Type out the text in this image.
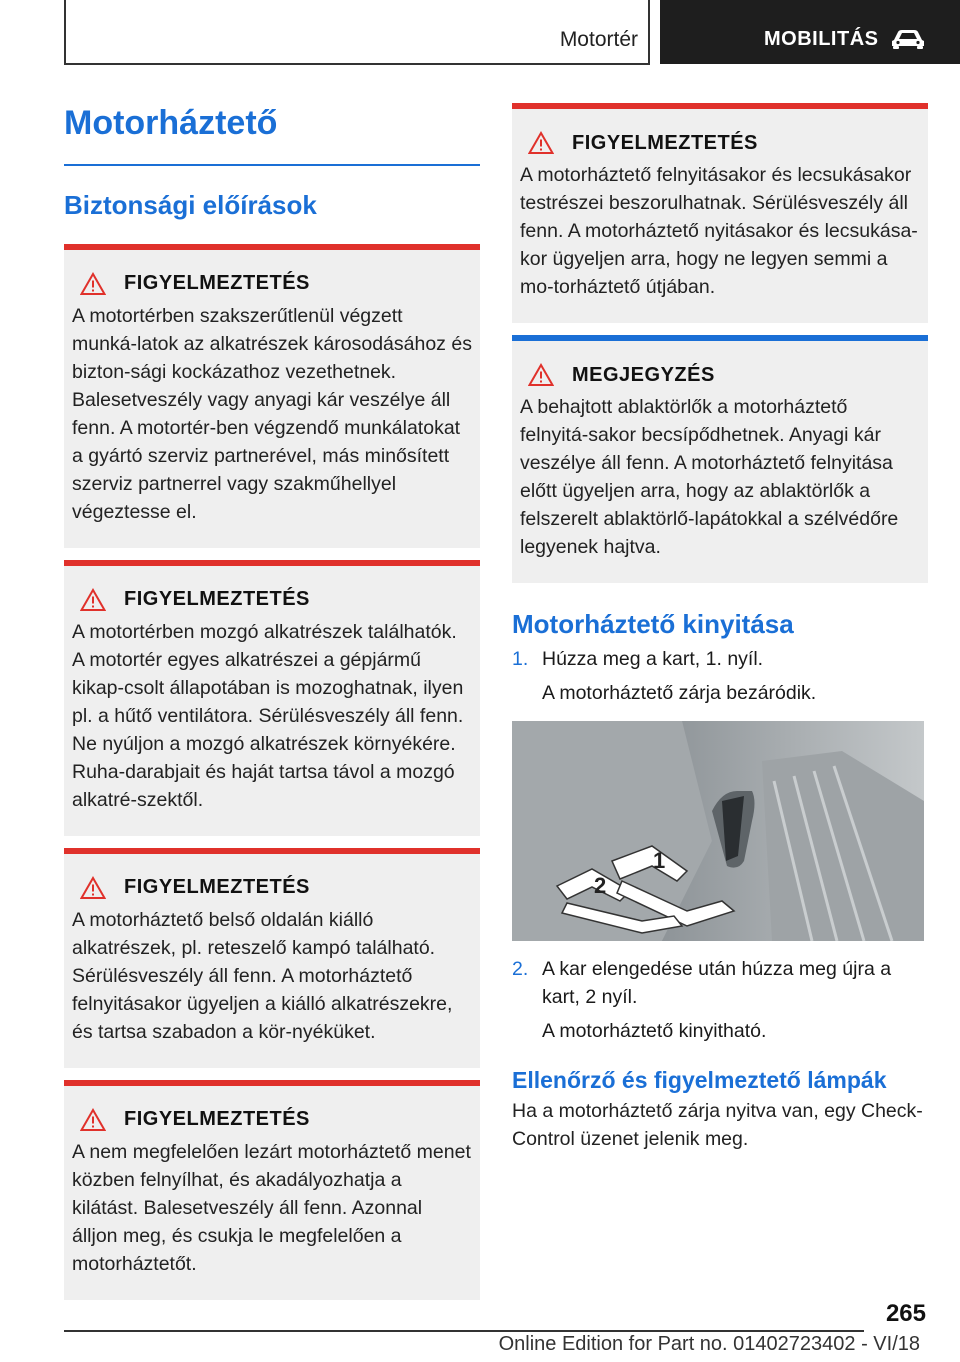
Motortér	MOBILITÁS
Motorháztető
Biztonsági előírások
FIGYELMEZTETÉS
A motortérben szakszerűtlenül végzett munká-latok az alkatrészek károsodásához és bizton-sági kockázathoz vezethetnek. Balesetveszély vagy anyagi kár veszélye áll fenn. A motortér-ben végzendő munkálatokat a gyártó szerviz partnerével, más minősített szerviz partnerrel vagy szakműhellyel végeztesse el.
FIGYELMEZTETÉS
A motortérben mozgó alkatrészek találhatók. A motortér egyes alkatrészei a gépjármű kikap-csolt állapotában is mozoghatnak, ilyen pl. a hűtő ventilátora. Sérülésveszély áll fenn. Ne nyúljon a mozgó alkatrészek környékére. Ruha-darabjait és haját tartsa távol a mozgó alkatré-szektől.
FIGYELMEZTETÉS
A motorháztető belső oldalán kiálló alkatrészek, pl. reteszelő kampó található. Sérülésveszély áll fenn. A motorháztető felnyitásakor ügyeljen a kiálló alkatrészekre, és tartsa szabadon a kör-nyéküket.
FIGYELMEZTETÉS
A nem megfelelően lezárt motorháztető menet közben felnyílhat, és akadályozhatja a kilátást. Balesetveszély áll fenn. Azonnal álljon meg, és csukja le megfelelően a motorháztetőt.
FIGYELMEZTETÉS
A motorháztető felnyitásakor és lecsukásakor testrészei beszorulhatnak. Sérülésveszély áll fenn. A motorháztető nyitásakor és lecsukása-kor ügyeljen arra, hogy ne legyen semmi a mo-torháztető útjában.
MEGJEGYZÉS
A behajtott ablaktörlők a motorháztető felnyitá-sakor becsípődhetnek. Anyagi kár veszélye áll fenn. A motorháztető felnyitása előtt ügyeljen arra, hogy az ablaktörlők a felszerelt ablaktörlő-lapátokkal a szélvédőre legyenek hajtva.
Motorháztető kinyitása
1. Húzza meg a kart, 1. nyíl.
A motorháztető zárja bezáródik.
1
2
2. A kar elengedése után húzza meg újra a kart, 2 nyíl.
A motorháztető kinyitható.
Ellenőrző és figyelmeztető lámpák
Ha a motorháztető zárja nyitva van, egy Check-Control üzenet jelenik meg.
265
Online Edition for Part no. 01402723402 - VI/18
